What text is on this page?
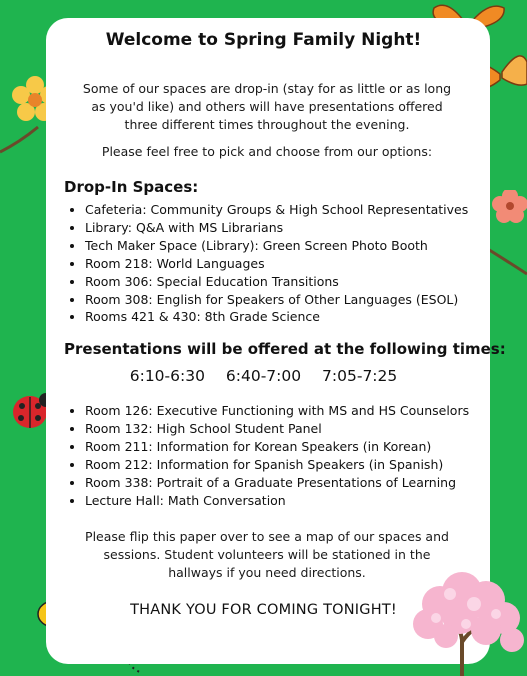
Welcome to Spring Family Night!
Some of our spaces are drop-in (stay for as little or as long as you'd like) and others will have presentations offered three different times throughout the evening.
Please feel free to pick and choose from our options:
Drop-In Spaces:
• Cafeteria: Community Groups & High School Representatives
• Library: Q&A with MS Librarians
• Tech Maker Space (Library): Green Screen Photo Booth
• Room 218: World Languages
• Room 306: Special Education Transitions
• Room 308: English for Speakers of Other Languages (ESOL)
• Rooms 421 & 430: 8th Grade Science
Presentations will be offered at the following times:
6:10-6:30 6:40-7:00 7:05-7:25
• Room 126: Executive Functioning with MS and HS Counselors
• Room 132: High School Student Panel
• Room 211: Information for Korean Speakers (in Korean)
• Room 212: Information for Spanish Speakers (in Spanish)
• Room 338: Portrait of a Graduate Presentations of Learning
• Lecture Hall: Math Conversation
Please flip this paper over to see a map of our spaces and sessions. Student volunteers will be stationed in the hallways if you need directions.
THANK YOU FOR COMING TONIGHT!
